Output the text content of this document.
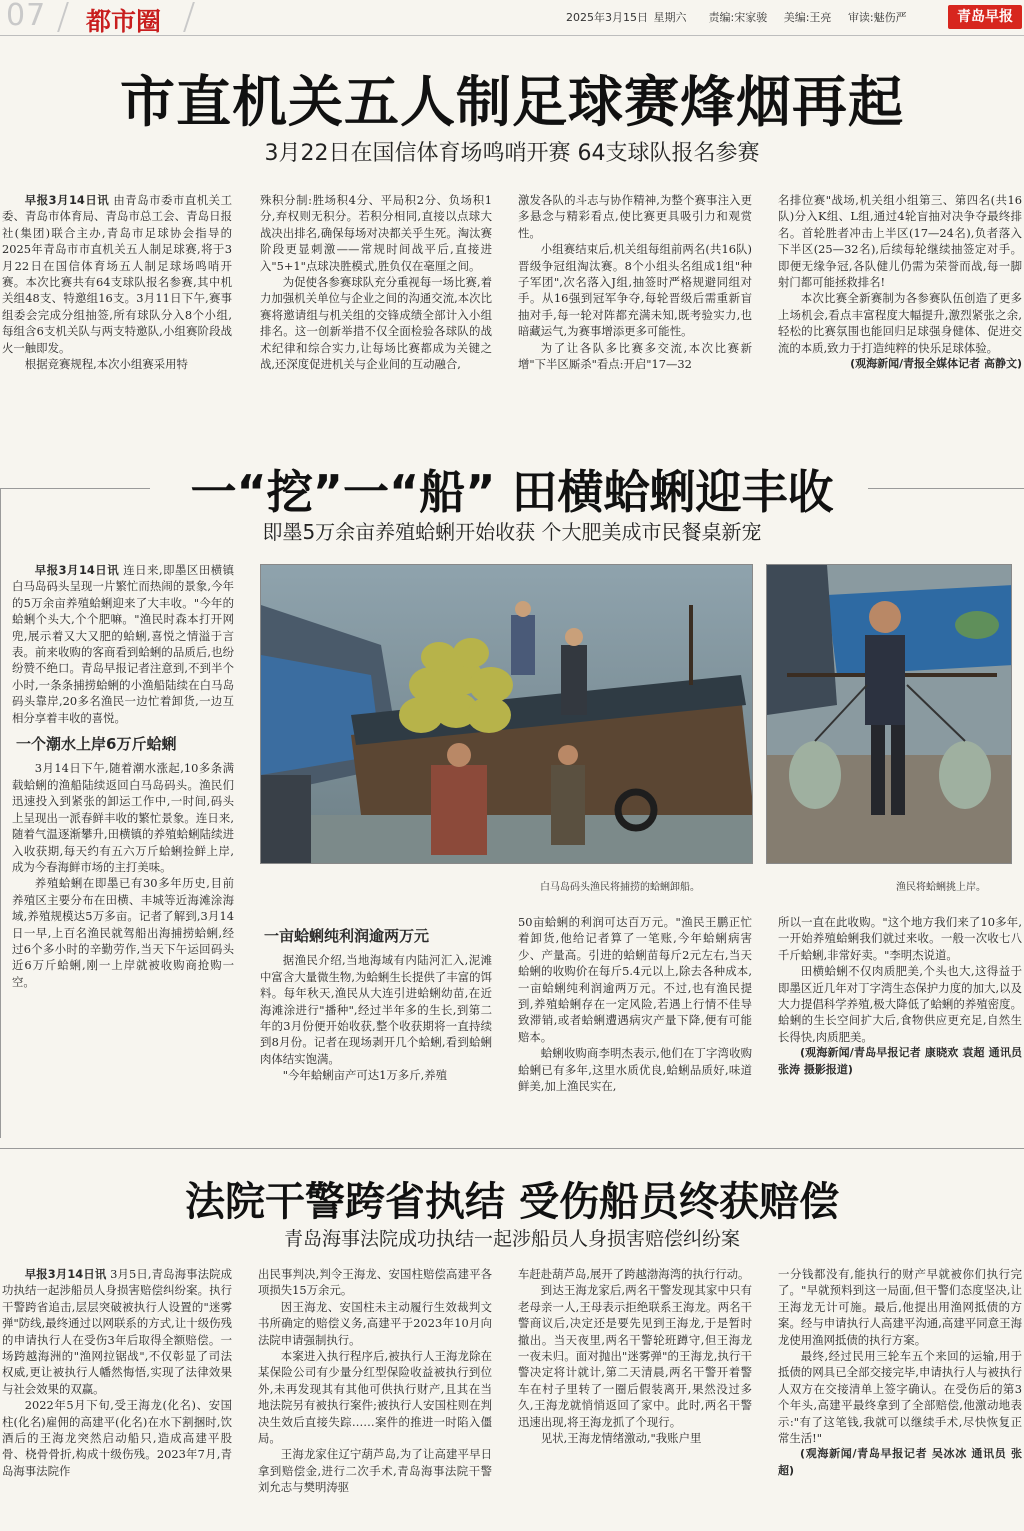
07 都市圈	2025年3月15日 星期六 责编:宋家骏 美编:王亮 审读:魅伤严	青岛早报
市直机关五人制足球赛烽烟再起
3月22日在国信体育场鸣哨开赛 64支球队报名参赛

早报3月14日讯 由青岛市委市直机关工委、青岛市体育局、青岛市总工会、青岛日报社(集团)联合主办,青岛市足球协会指导的2025年青岛市市直机关五人制足球赛,将于3月22日在国信体育场五人制足球场鸣哨开赛。本次比赛共有64支球队报名参赛,其中机关组48支、特邀组16支。3月11日下午,赛事组委会完成分组抽签,所有球队分入8个小组,每组含6支机关队与两支特邀队,小组赛阶段战火一触即发。

根据竞赛规程,本次小组赛采用特

殊积分制:胜场积4分、平局积2分、负场积1分,弃权则无积分。若积分相同,直接以点球大战决出排名,确保每场对决都关乎生死。淘汰赛阶段更显刺激——常规时间战平后,直接进入"5+1"点球决胜模式,胜负仅在毫厘之间。

为促使各参赛球队充分重视每一场比赛,着力加强机关单位与企业之间的沟通交流,本次比赛将邀请组与机关组的交锋成绩全部计入小组排名。这一创新举措不仅全面检验各球队的战术纪律和综合实力,让每场比赛都成为关键之战,还深度促进机关与企业间的互动融合,

激发各队的斗志与协作精神,为整个赛事注入更多悬念与精彩看点,使比赛更具吸引力和观赏性。

小组赛结束后,机关组每组前两名(共16队)晋级争冠组淘汰赛。8个小组头名组成1组"种子军团",次名落入J组,抽签时严格规避同组对手。从16强到冠军争夺,每轮晋级后需重新盲抽对手,每一轮对阵都充满未知,既考验实力,也暗藏运气,为赛事增添更多可能性。

为了让各队多比赛多交流,本次比赛新增"下半区厮杀"看点:开启"17—32

名排位赛"战场,机关组小组第三、第四名(共16队)分入K组、L组,通过4轮盲抽对决争夺最终排名。首轮胜者冲击上半区(17—24名),负者落入下半区(25—32名),后续每轮继续抽签定对手。即便无缘争冠,各队健儿仍需为荣誉而战,每一脚射门都可能拯救排名!

本次比赛全新赛制为各参赛队伍创造了更多上场机会,看点丰富程度大幅提升,激烈紧张之余,轻松的比赛氛围也能回归足球强身健体、促进交流的本质,致力于打造纯粹的快乐足球体验。

(观海新闻/青报全媒体记者 高静文)

一“挖”一“船” 田横蛤蜊迎丰收
即墨5万余亩养殖蛤蜊开始收获 个大肥美成市民餐桌新宠

早报3月14日讯 连日来,即墨区田横镇白马岛码头呈现一片繁忙而热闹的景象,今年的5万余亩养殖蛤蜊迎来了大丰收。"今年的蛤蜊个头大,个个肥嘛。"渔民时森本打开网兜,展示着又大又肥的蛤蜊,喜悦之情溢于言表。前来收购的客商看到蛤蜊的品质后,也纷纷赞不绝口。青岛早报记者注意到,不到半个小时,一条条捕捞蛤蜊的小渔船陆续在白马岛码头靠岸,20多名渔民一边忙着卸货,一边互相分享着丰收的喜悦。

一个潮水上岸6万斤蛤蜊

3月14日下午,随着潮水涨起,10多条满载蛤蜊的渔船陆续返回白马岛码头。渔民们迅速投入到紧张的卸运工作中,一时间,码头上呈现出一派春鲜丰收的繁忙景象。连日来,随着气温逐渐攀升,田横镇的养殖蛤蜊陆续进入收获期,每天约有五六万斤蛤蜊捡鲜上岸,成为今春海鲜市场的主打美味。

养殖蛤蜊在即墨已有30多年历史,目前养殖区主要分布在田横、丰城等近海滩涂海域,养殖规模达5万多亩。记者了解到,3月14日一早,上百名渔民就驾船出海捕捞蛤蜊,经过6个多小时的辛勤劳作,当天下午运回码头近6万斤蛤蜊,刚一上岸就被收购商抢购一空。

白马岛码头渔民将捕捞的蛤蜊卸船。	渔民将蛤蜊挑上岸。

一亩蛤蜊纯利润逾两万元

据渔民介绍,当地海域有内陆河汇入,泥滩中富含大量微生物,为蛤蜊生长提供了丰富的饵料。每年秋天,渔民从大连引进蛤蜊幼苗,在近海滩涂进行"播种",经过半年多的生长,到第二年的3月份便开始收获,整个收获期将一直持续到8月份。记者在现场剥开几个蛤蜊,看到蛤蜊肉体结实饱满。

"今年蛤蜊亩产可达1万多斤,养殖

50亩蛤蜊的利润可达百万元。"渔民王鹏正忙着卸货,他给记者算了一笔账,今年蛤蜊病害少、产量高。引进的蛤蜊苗每斤2元左右,当天蛤蜊的收购价在每斤5.4元以上,除去各种成本,一亩蛤蜊纯利润逾两万元。不过,也有渔民提到,养殖蛤蜊存在一定风险,若遇上行情不佳导致滞销,或者蛤蜊遭遇病灾产量下降,便有可能赔本。

蛤蜊收购商李明杰表示,他们在丁字湾收购蛤蜊已有多年,这里水质优良,蛤蜊品质好,味道鲜美,加上渔民实在,

所以一直在此收购。"这个地方我们来了10多年,一开始养殖蛤蜊我们就过来收。一般一次收七八千斤蛤蜊,非常好卖。"李明杰说道。

田横蛤蜊不仅肉质肥美,个头也大,这得益于即墨区近几年对丁字湾生态保护力度的加大,以及大力提倡科学养殖,极大降低了蛤蜊的养殖密度。蛤蜊的生长空间扩大后,食物供应更充足,自然生长得快,肉质肥美。

(观海新闻/青岛早报记者 康晓欢 袁超 通讯员 张涛 摄影报道)

法院干警跨省执结 受伤船员终获赔偿
青岛海事法院成功执结一起涉船员人身损害赔偿纠纷案

早报3月14日讯 3月5日,青岛海事法院成功执结一起涉船员人身损害赔偿纠纷案。执行干警跨省追击,层层突破被执行人设置的"迷雾弹"防线,最终通过以网联系的方式,让十级伤残的申请执行人在受伤3年后取得全额赔偿。一场跨越海洲的"渔网拉锯战",不仅彰显了司法权威,更让被执行人幡然悔悟,实现了法律效果与社会效果的双赢。

2022年5月下旬,受王海龙(化名)、安国柱(化名)雇佣的高建平(化名)在水下割捆时,饮酒后的王海龙突然启动船只,造成高建平股骨、桡骨骨折,构成十级伤残。2023年7月,青岛海事法院作

出民事判决,判令王海龙、安国柱赔偿高建平各项损失15万余元。

因王海龙、安国柱未主动履行生效裁判文书所确定的赔偿义务,高建平于2023年10月向法院申请强制执行。

本案进入执行程序后,被执行人王海龙除在某保险公司有少量分红型保险收益被执行到位外,未再发现其有其他可供执行财产,且其在当地法院另有被执行案件;被执行人安国柱则在判决生效后直接失踪……案件的推进一时陷入僵局。

王海龙家住辽宁葫芦岛,为了让高建平早日拿到赔偿金,进行二次手术,青岛海事法院干警刘允志与樊明涛驱

车赶赴葫芦岛,展开了跨越渤海湾的执行行动。

到达王海龙家后,两名干警发现其家中只有老母亲一人,王母表示拒绝联系王海龙。两名干警商议后,决定还是要先见到王海龙,于是暂时撤出。当天夜里,两名干警轮班蹲守,但王海龙一夜未归。面对抛出"迷雾弹"的王海龙,执行干警决定将计就计,第二天清晨,两名干警开着警车在村子里转了一圈后假装离开,果然没过多久,王海龙就悄悄返回了家中。此时,两名干警迅速出现,将王海龙抓了个现行。

见状,王海龙情绪激动,"我账户里

一分钱都没有,能执行的财产早就被你们执行完了。"早就预料到这一局面,但干警们态度坚决,让王海龙无计可施。最后,他提出用渔网抵债的方案。经与申请执行人高建平沟通,高建平同意王海龙使用渔网抵债的执行方案。

最终,经过民用三轮车五个来回的运输,用于抵债的网具已全部交接完毕,申请执行人与被执行人双方在交接清单上签字确认。在受伤后的第3个年头,高建平最终拿到了全部赔偿,他激动地表示:"有了这笔钱,我就可以继续手术,尽快恢复正常生活!"

(观海新闻/青岛早报记者 吴冰冰 通讯员 张超)
